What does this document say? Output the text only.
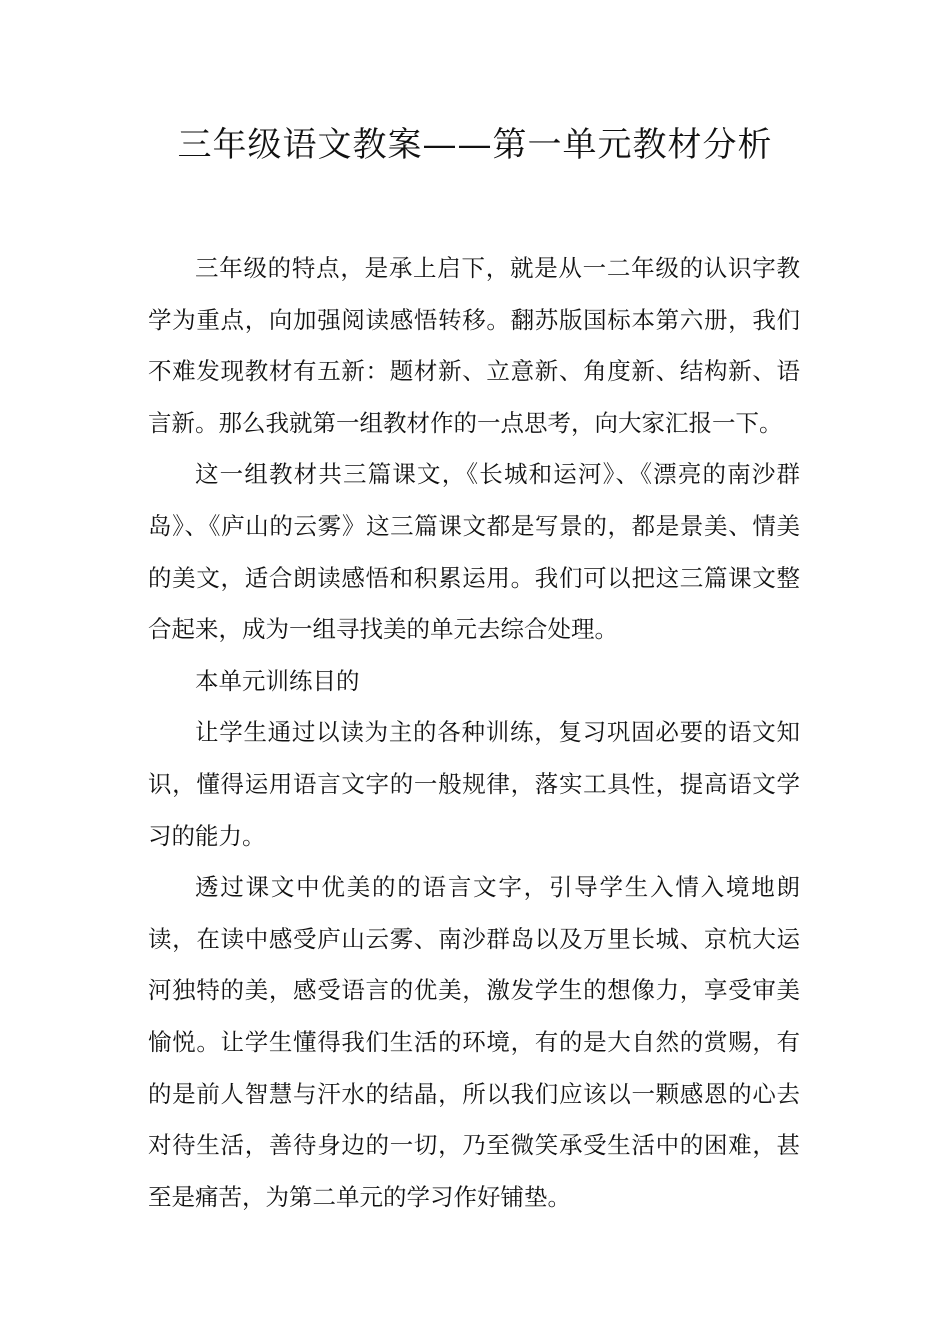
三年级语文教案——第一单元教材分析

三年级的特点，是承上启下，就是从一二年级的认识字教学为重点，向加强阅读感悟转移。翻苏版国标本第六册，我们不难发现教材有五新：题材新、立意新、角度新、结构新、语言新。那么我就第一组教材作的一点思考，向大家汇报一下。

这一组教材共三篇课文，《长城和运河》、《漂亮的南沙群岛》、《庐山的云雾》这三篇课文都是写景的，都是景美、情美的美文，适合朗读感悟和积累运用。我们可以把这三篇课文整合起来，成为一组寻找美的单元去综合处理。

本单元训练目的

让学生通过以读为主的各种训练，复习巩固必要的语文知识，懂得运用语言文字的一般规律，落实工具性，提高语文学习的能力。

透过课文中优美的的语言文字，引导学生入情入境地朗读，在读中感受庐山云雾、南沙群岛以及万里长城、京杭大运河独特的美，感受语言的优美，激发学生的想像力，享受审美愉悦。让学生懂得我们生活的环境，有的是大自然的赏赐，有的是前人智慧与汗水的结晶，所以我们应该以一颗感恩的心去对待生活，善待身边的一切，乃至微笑承受生活中的困难，甚至是痛苦，为第二单元的学习作好铺垫。
